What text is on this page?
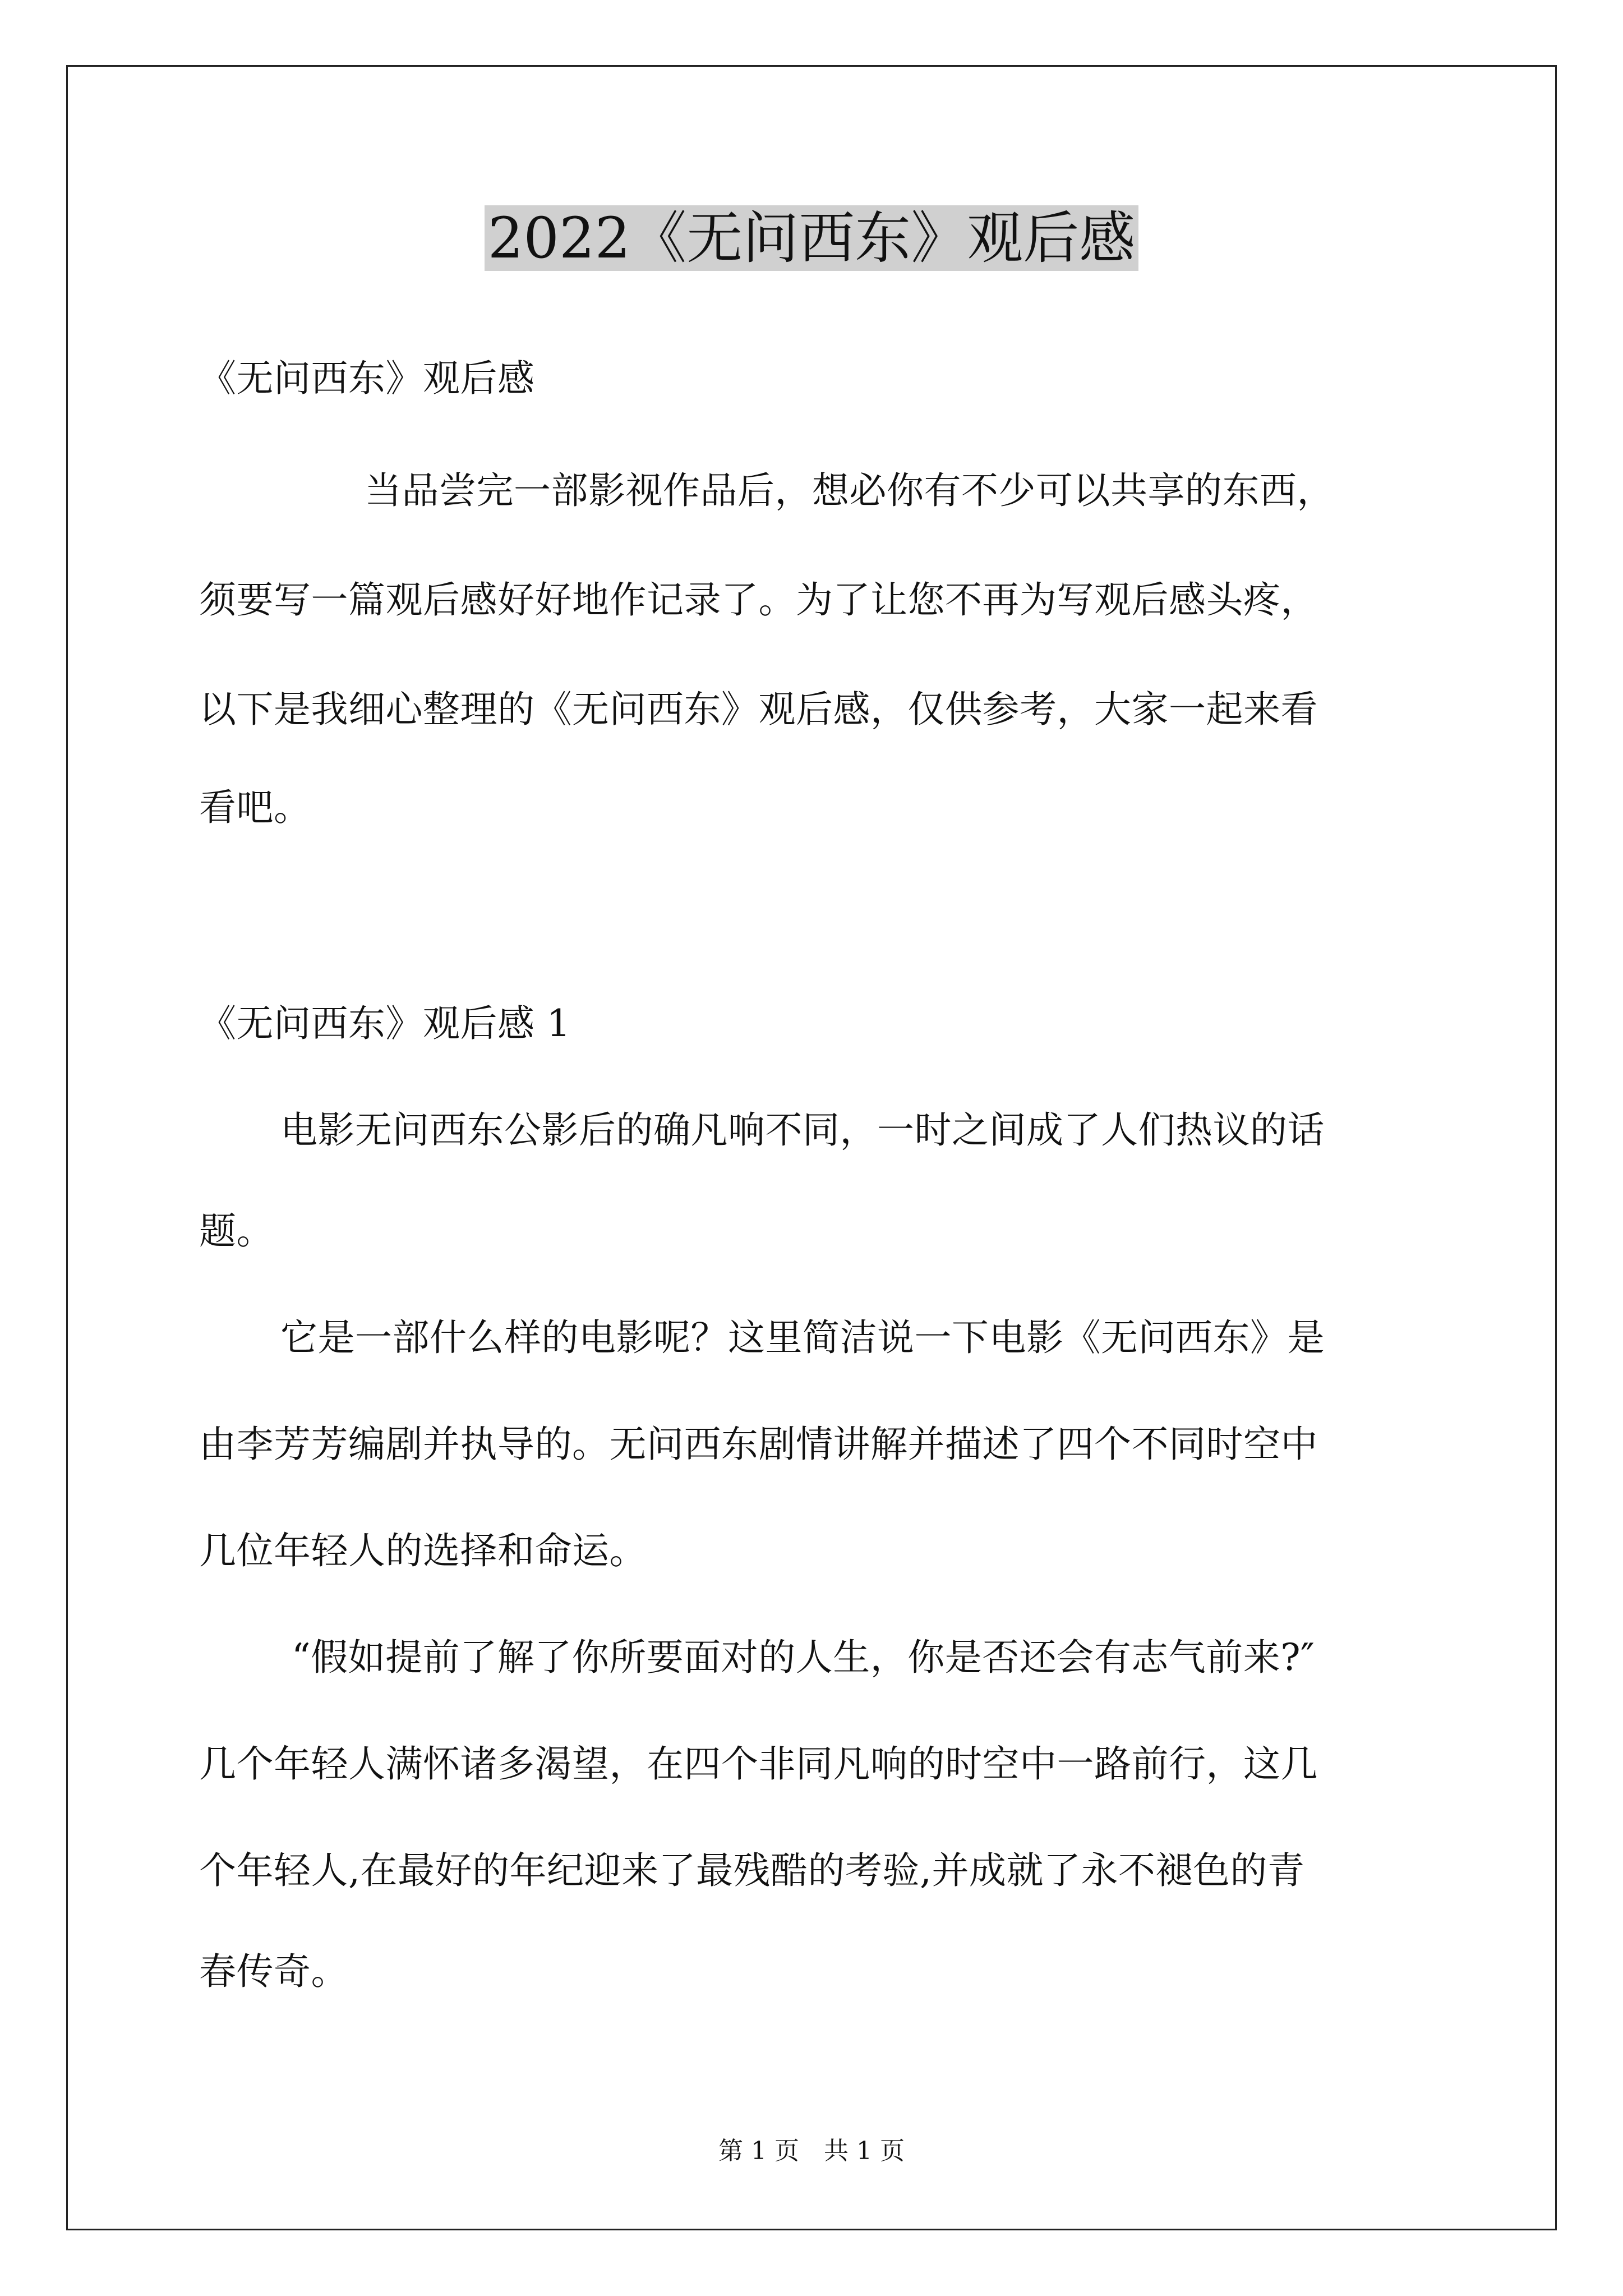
2022《无问西东》观后感
《无问西东》观后感
当品尝完一部影视作品后，想必你有不少可以共享的东西，
须要写一篇观后感好好地作记录了。为了让您不再为写观后感头疼，
以下是我细心整理的《无问西东》观后感，仅供参考，大家一起来看
看吧。
《无问西东》观后感 1
电影无问西东公影后的确凡响不同，一时之间成了人们热议的话
题。
它是一部什么样的电影呢？这里简洁说一下电影《无问西东》是
由李芳芳编剧并执导的。无问西东剧情讲解并描述了四个不同时空中
几位年轻人的选择和命运。
“假如提前了解了你所要面对的人生，你是否还会有志气前来?″
几个年轻人满怀诸多渴望，在四个非同凡响的时空中一路前行，这几
个年轻人,在最好的年纪迎来了最残酷的考验,并成就了永不褪色的青
春传奇。
第 1 页　共 1 页
